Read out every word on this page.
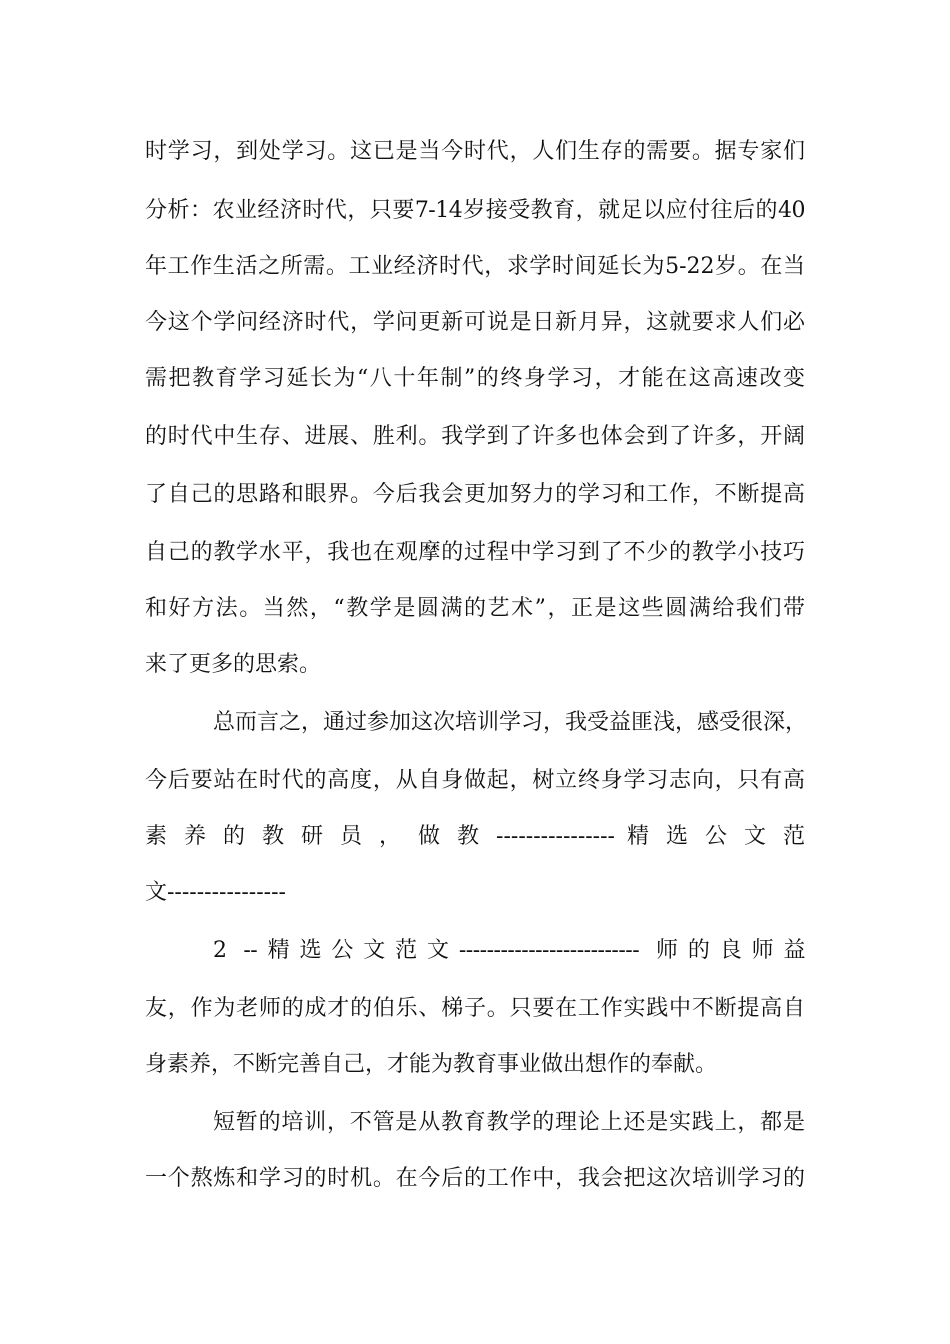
时学习，到处学习。这已是当今时代，人们生存的需要。据专家们

分析：农业经济时代，只要7-14岁接受教育，就足以应付往后的40

年工作生活之所需。工业经济时代，求学时间延长为5-22岁。在当

今这个学问经济时代，学问更新可说是日新月异，这就要求人们必

需把教育学习延长为“八十年制”的终身学习，才能在这高速改变

的时代中生存、进展、胜利。我学到了许多也体会到了许多，开阔

了自己的思路和眼界。今后我会更加努力的学习和工作，不断提高

自己的教学水平，我也在观摩的过程中学习到了不少的教学小技巧

和好方法。当然，“教学是圆满的艺术”，正是这些圆满给我们带

来了更多的思索。

总而言之，通过参加这次培训学习，我受益匪浅，感受很深，

今后要站在时代的高度，从自身做起，树立终身学习志向，只有高

素 养 的 教 研 员 ， 做 教 ---------------- 精 选 公 文 范

文----------------

2 --精选公文范文-------------------------- 师的良师益

友，作为老师的成才的伯乐、梯子。只要在工作实践中不断提高自

身素养，不断完善自己，才能为教育事业做出想作的奉献。

短暂的培训，不管是从教育教学的理论上还是实践上，都是

一个熬炼和学习的时机。在今后的工作中，我会把这次培训学习的
